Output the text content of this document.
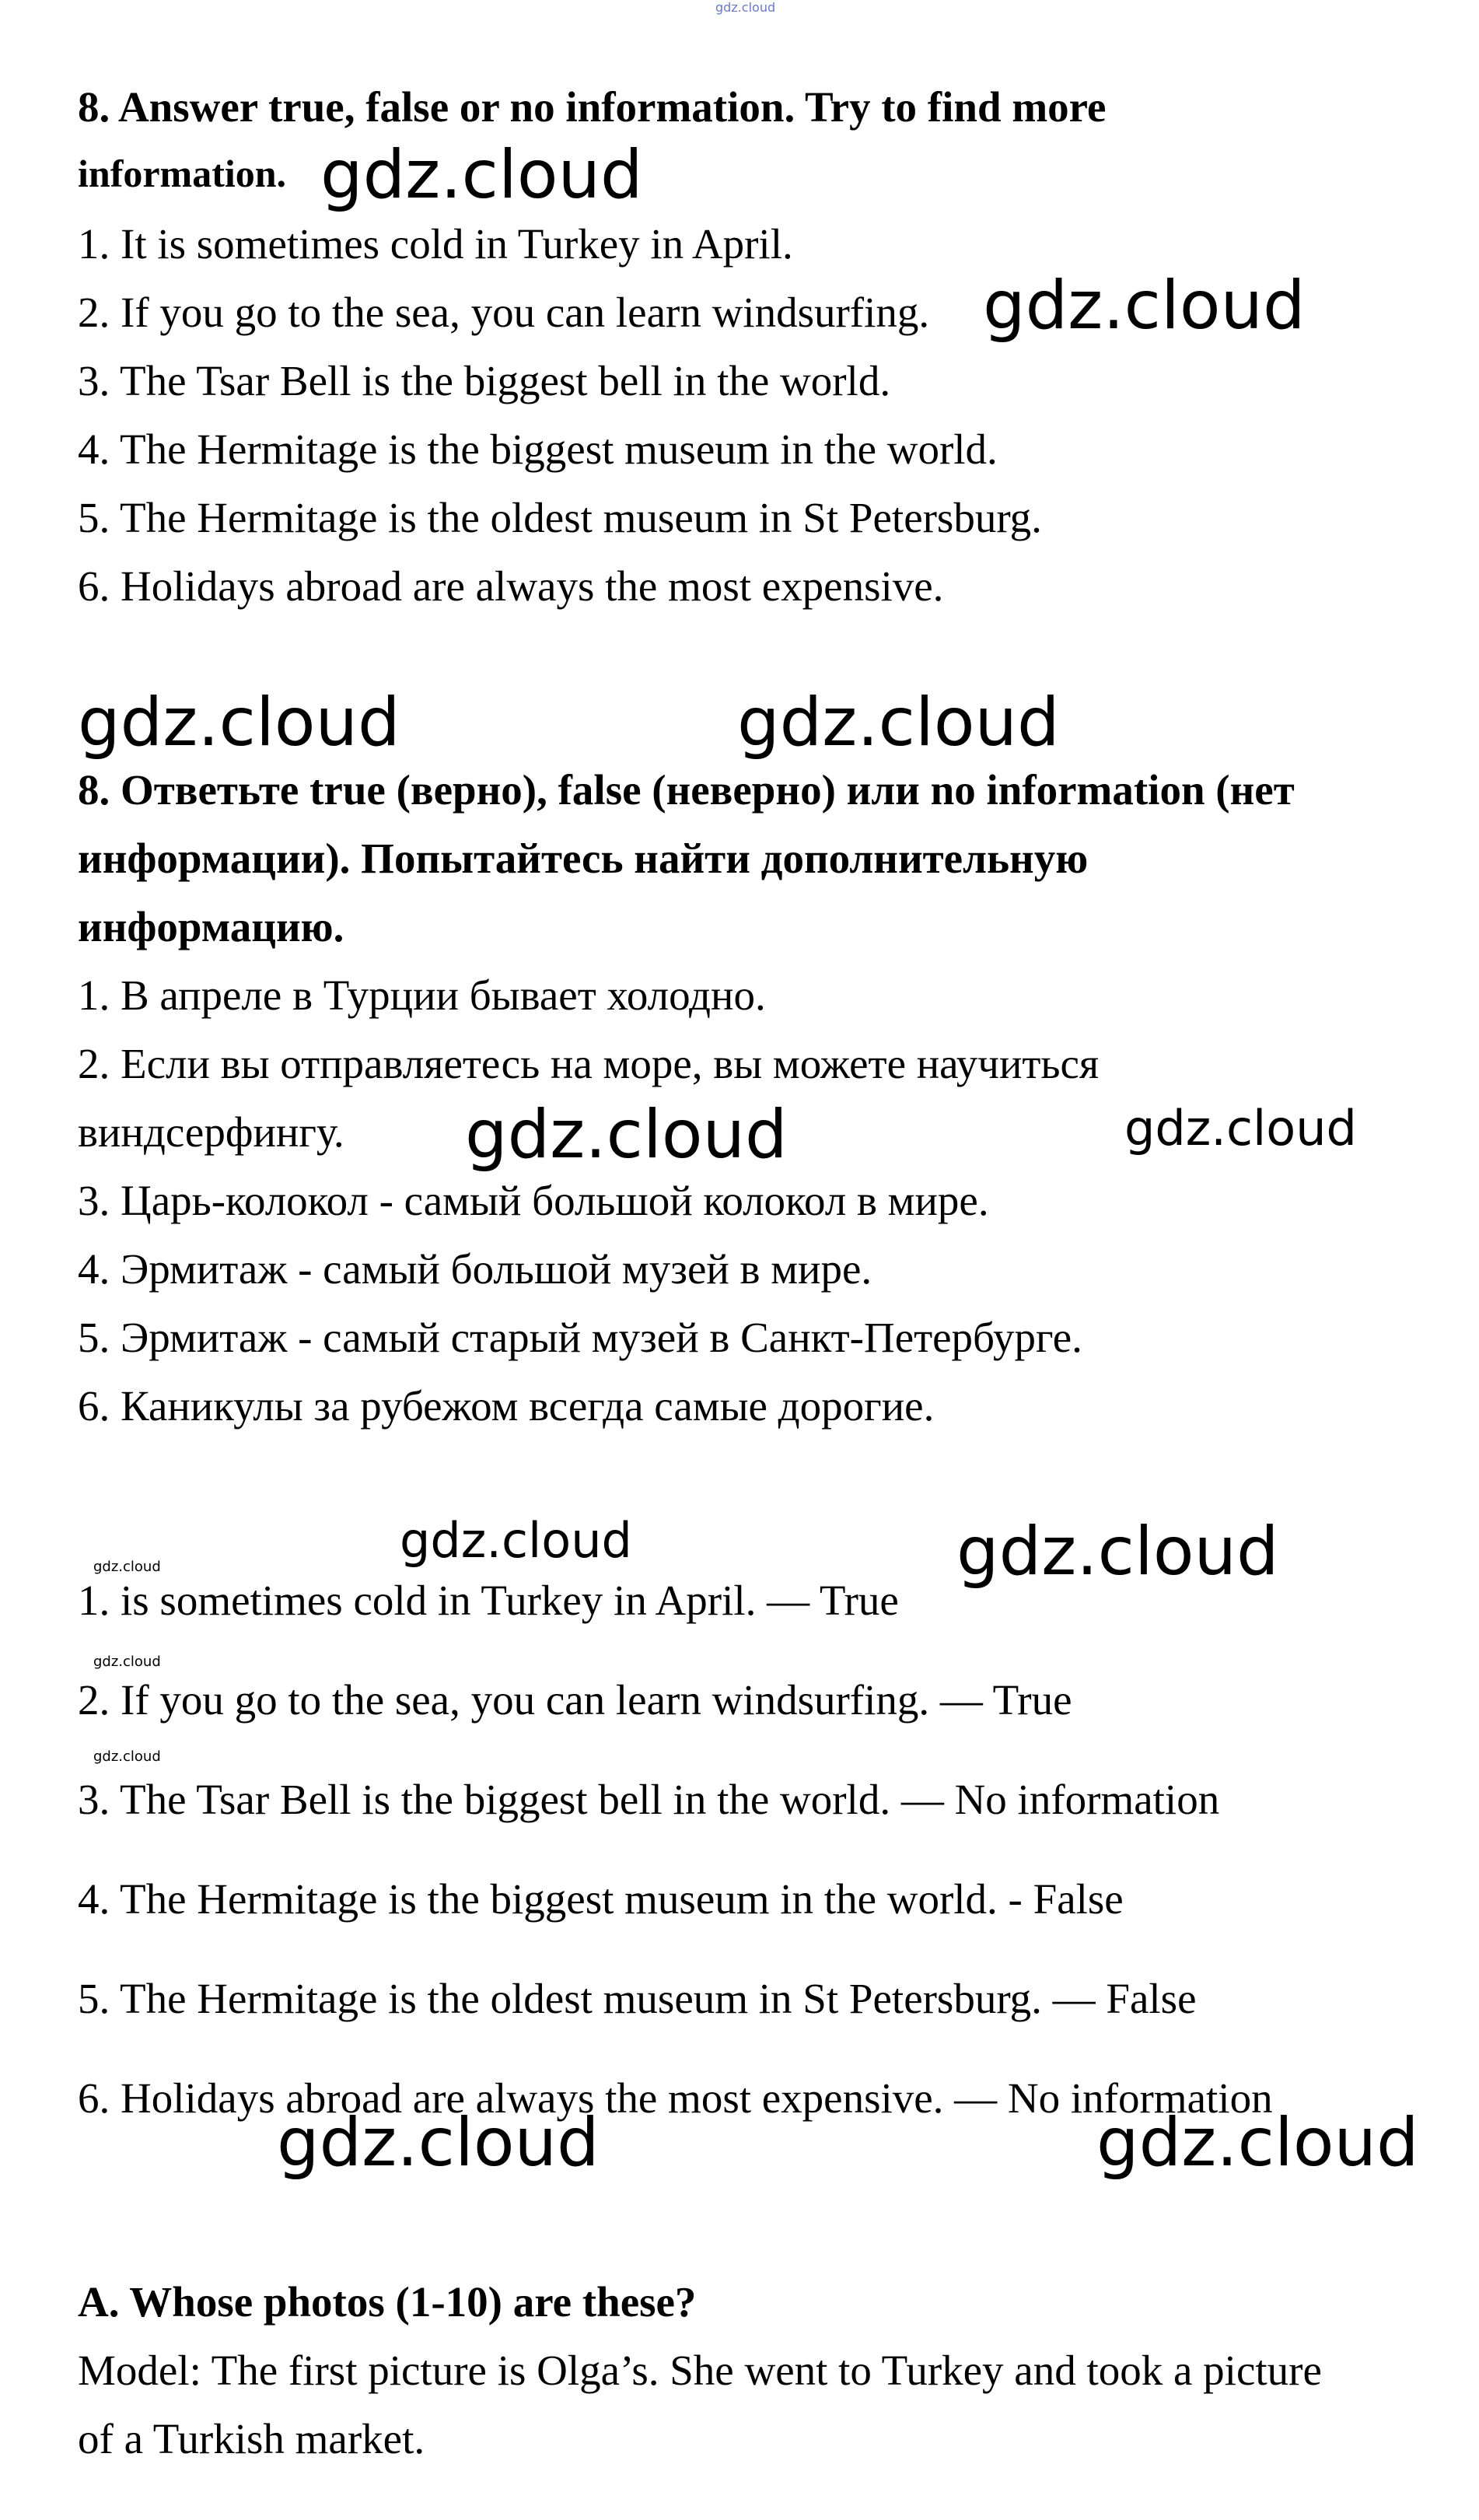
gdz.cloud
8. Answer true, false or no information. Try to find more
information. gdz.cloud
1. It is sometimes cold in Turkey in April.
2. If you go to the sea, you can learn windsurfing. gdz.cloud
3. The Tsar Bell is the biggest bell in the world.
4. The Hermitage is the biggest museum in the world.
5. The Hermitage is the oldest museum in St Petersburg.
6. Holidays abroad are always the most expensive.
gdz.cloud	gdz.cloud
8. Ответьте true (верно), false (неверно) или no information (нет
информации). Попытайтесь найти дополнительную
информацию.
1. В апреле в Турции бывает холодно.
2. Если вы отправляетесь на море, вы можете научиться
виндсерфингу. gdz.cloud	gdz.cloud
3. Царь-колокол - самый большой колокол в мире.
4. Эрмитаж - самый большой музей в мире.
5. Эрмитаж - самый старый музей в Санкт-Петербурге.
6. Каникулы за рубежом всегда самые дорогие.
gdz.cloud	gdz.cloud
gdz.cloud
1. is sometimes cold in Turkey in April. — True
gdz.cloud
2. If you go to the sea, you can learn windsurfing. — True
gdz.cloud
3. The Tsar Bell is the biggest bell in the world. — No information
4. The Hermitage is the biggest museum in the world. - False
5. The Hermitage is the oldest museum in St Petersburg. — False
6. Holidays abroad are always the most expensive. — No information
gdz.cloud	gdz.cloud
A. Whose photos (1-10) are these?
Model: The first picture is Olga’s. She went to Turkey and took a picture
of a Turkish market.
